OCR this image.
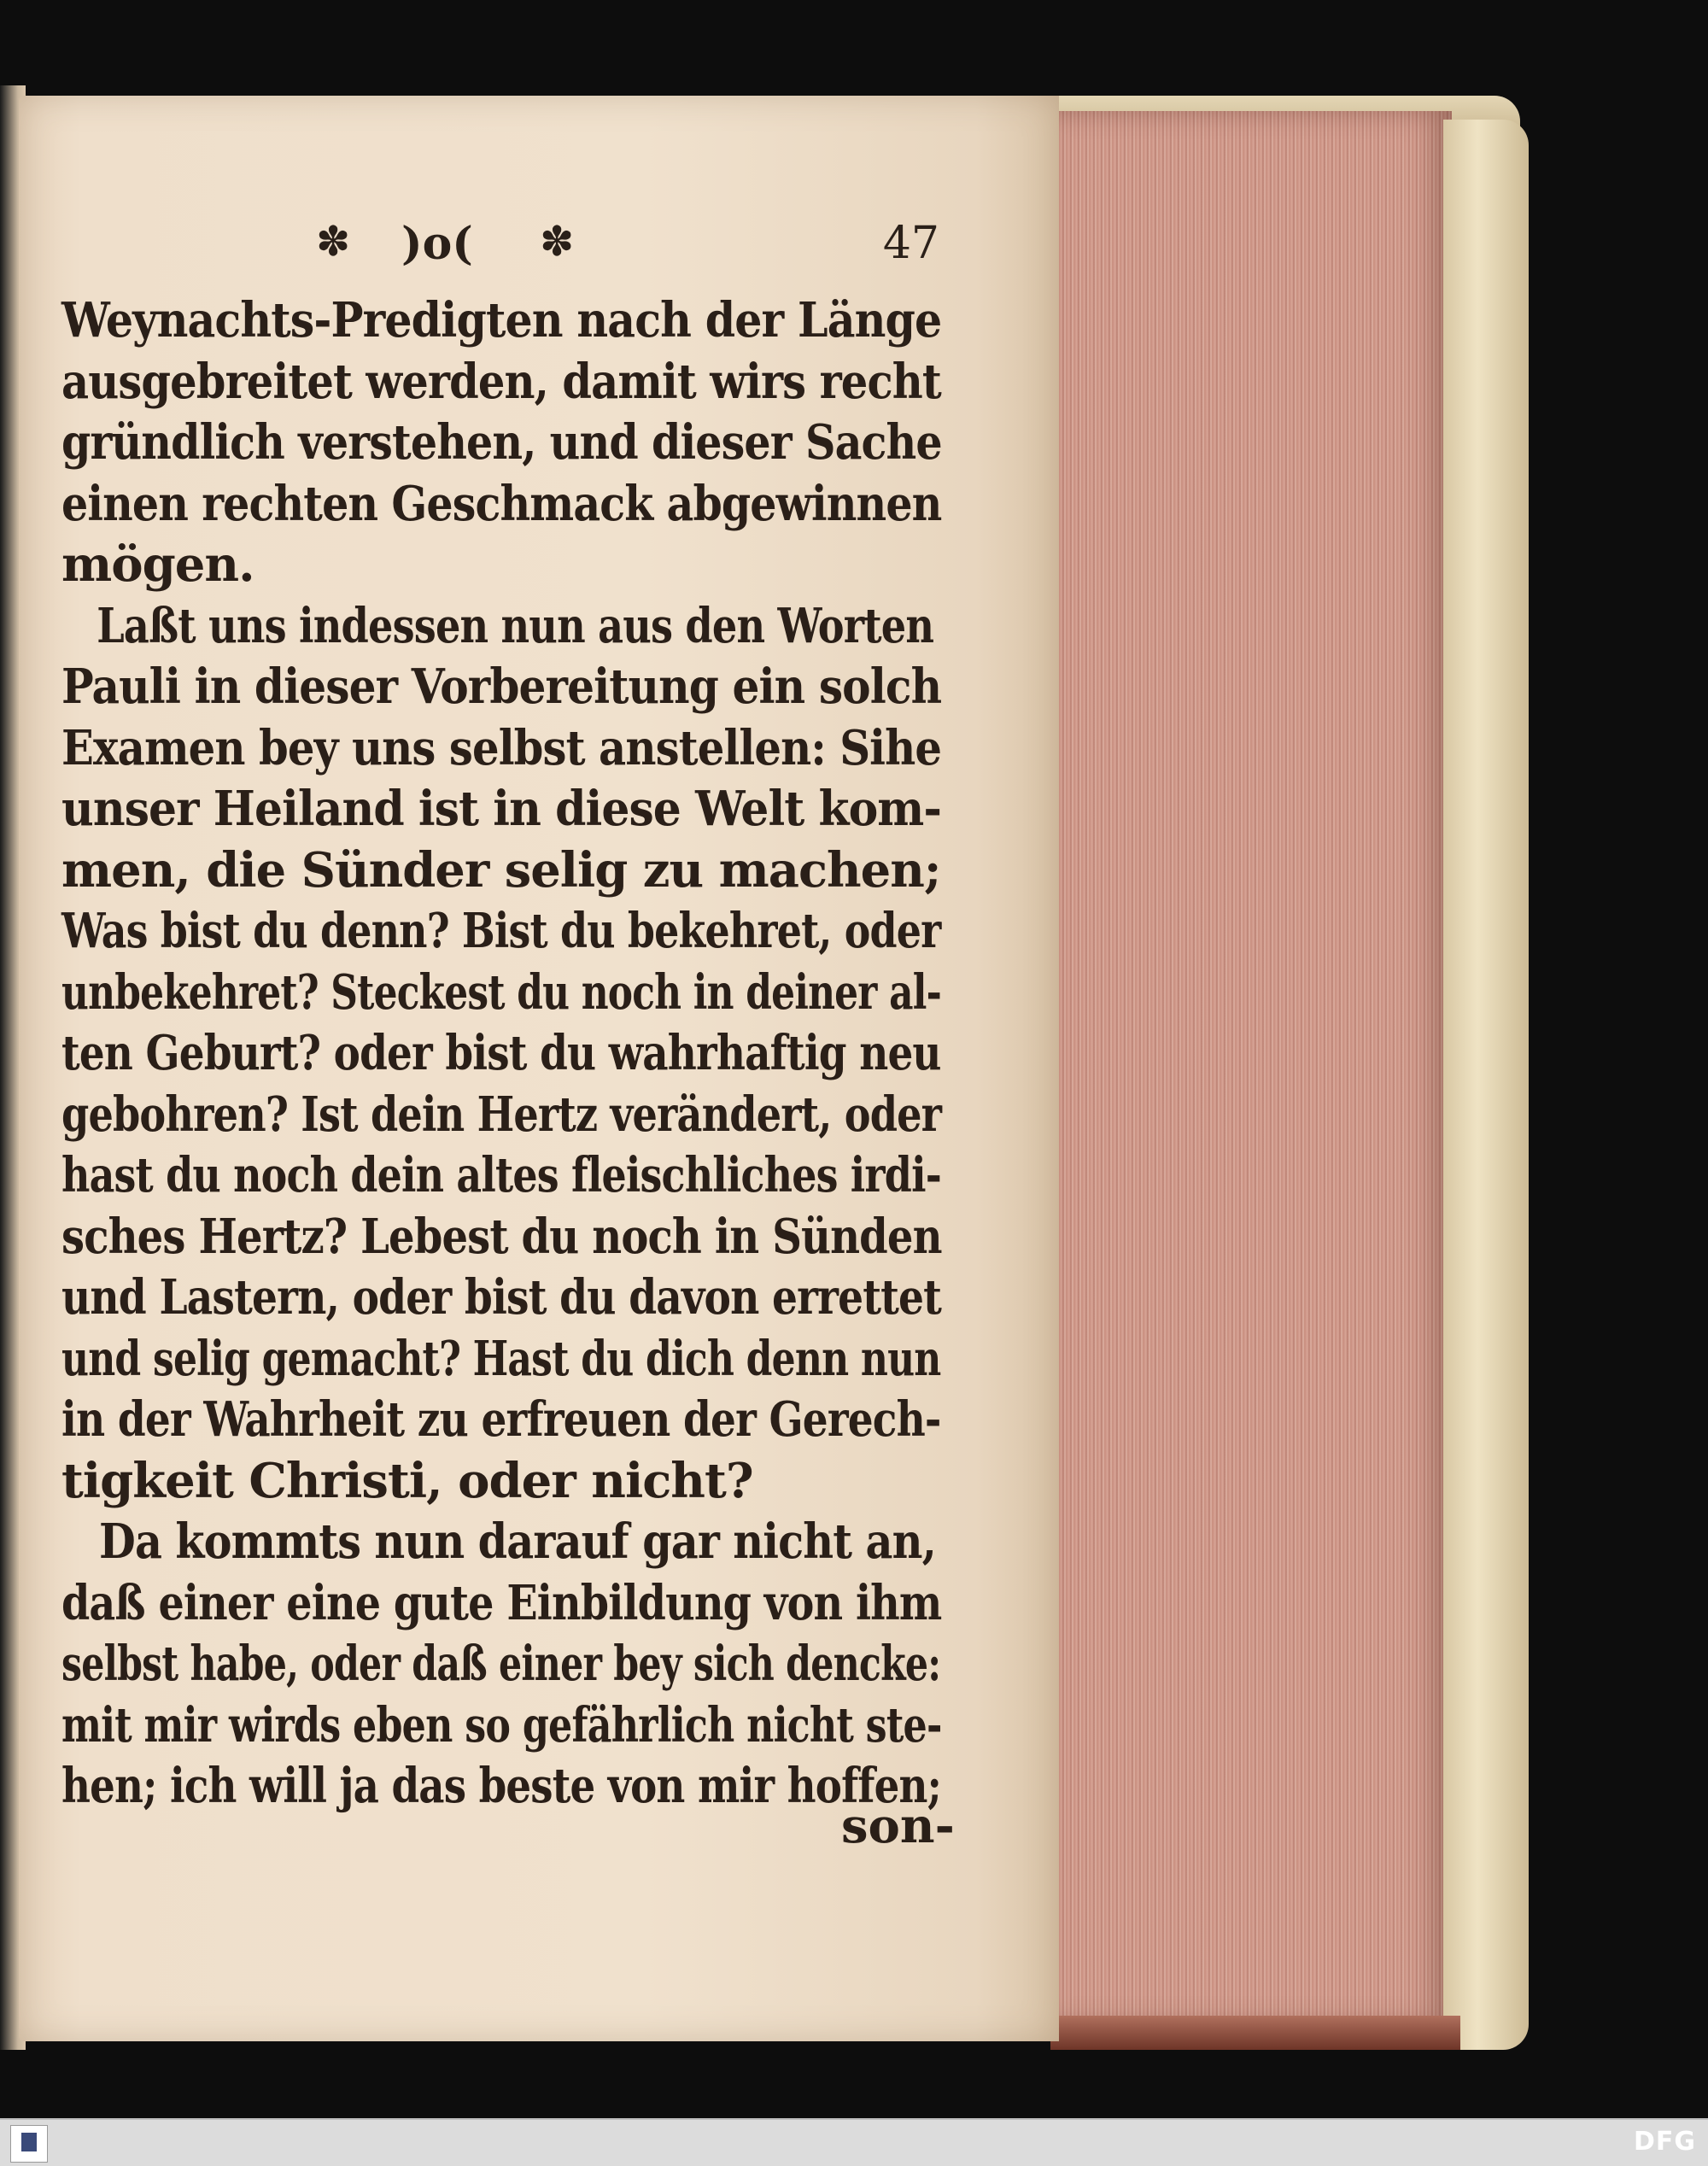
✽ )o( ✽	47
Weynachts-Predigten nach der Länge
ausgebreitet werden, damit wirs recht
gründlich verstehen, und dieser Sache
einen rechten Geschmack abgewinnen
mögen.
Laßt uns indessen nun aus den Worten
Pauli in dieser Vorbereitung ein solch
Examen bey uns selbst anstellen: Sihe
unser Heiland ist in diese Welt kom-
men, die Sünder selig zu machen;
Was bist du denn? Bist du bekehret, oder
unbekehret? Steckest du noch in deiner al-
ten Geburt? oder bist du wahrhaftig neu
gebohren? Ist dein Hertz verändert, oder
hast du noch dein altes fleischliches irdi-
sches Hertz? Lebest du noch in Sünden
und Lastern, oder bist du davon errettet
und selig gemacht? Hast du dich denn nun
in der Wahrheit zu erfreuen der Gerech-
tigkeit Christi, oder nicht?
Da kommts nun darauf gar nicht an,
daß einer eine gute Einbildung von ihm
selbst habe, oder daß einer bey sich dencke:
mit mir wirds eben so gefährlich nicht ste-
hen; ich will ja das beste von mir hoffen;
son-
DFG
